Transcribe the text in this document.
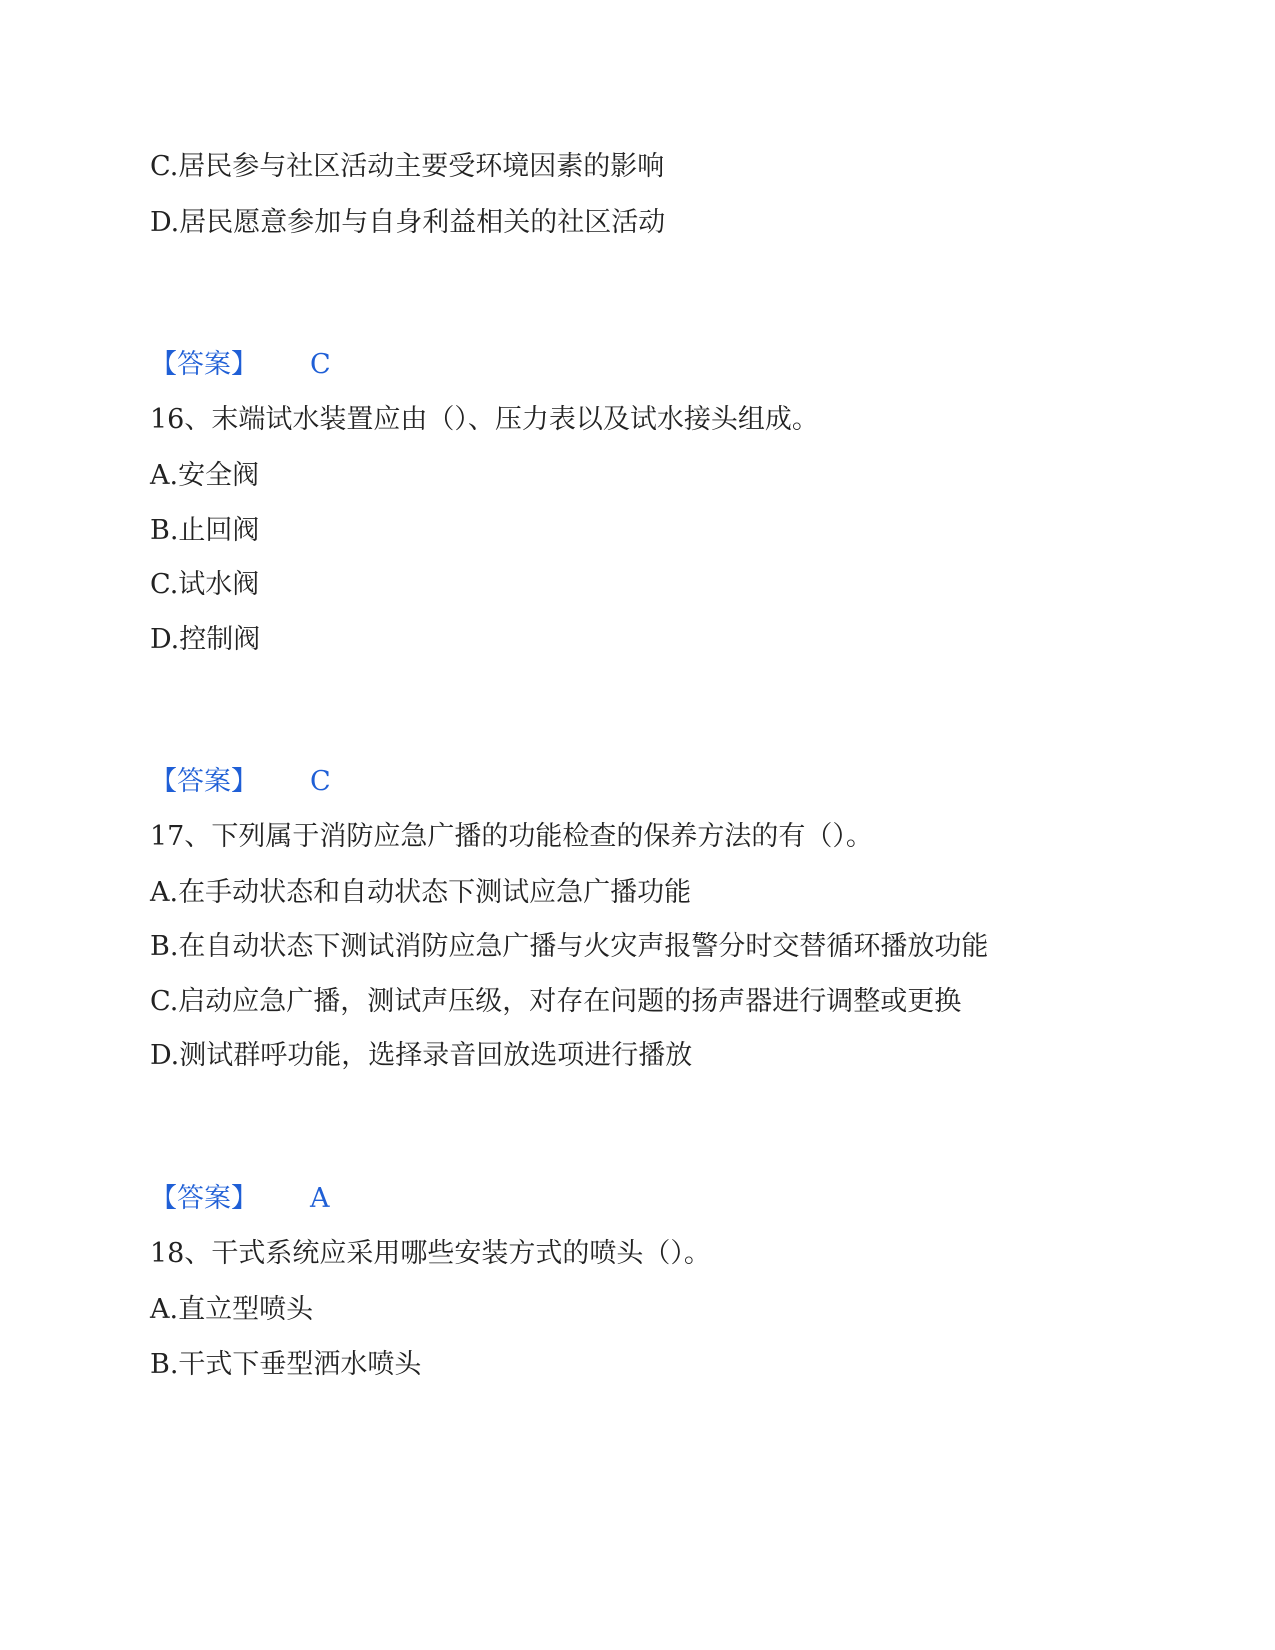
C.居民参与社区活动主要受环境因素的影响
D.居民愿意参加与自身利益相关的社区活动
【答案】 C
16、末端试水装置应由（）、压力表以及试水接头组成。
A.安全阀
B.止回阀
C.试水阀
D.控制阀
【答案】 C
17、下列属于消防应急广播的功能检查的保养方法的有（）。
A.在手动状态和自动状态下测试应急广播功能
B.在自动状态下测试消防应急广播与火灾声报警分时交替循环播放功能
C.启动应急广播，测试声压级，对存在问题的扬声器进行调整或更换
D.测试群呼功能，选择录音回放选项进行播放
【答案】 A
18、干式系统应采用哪些安装方式的喷头（）。
A.直立型喷头
B.干式下垂型洒水喷头
